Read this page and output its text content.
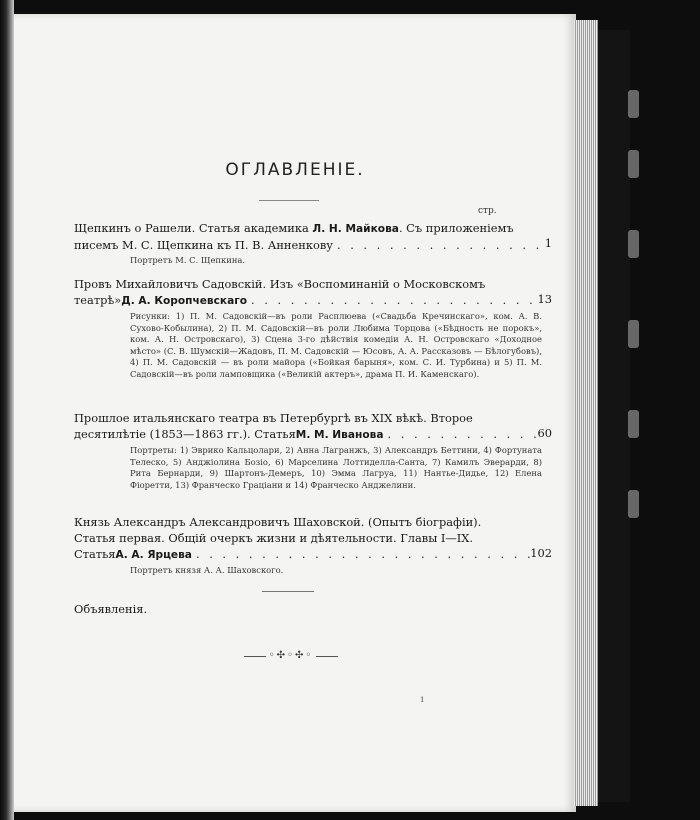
ОГЛАВЛЕНІЕ.
стр.
Щепкинъ о Рашели. Статья академика Л. Н. Майкова. Съ приложеніемъ
писемъ М. С. Щепкина къ П. В. Анненкову . . .	1
Портретъ М. С. Щепкина.
Провъ Михайловичъ Садовскій. Изъ «Воспоминаній о Московскомъ
театрѣ» Д. А. Коропчевскаго . . .	13
Рисунки: 1) П. М. Садовскій—въ роли Расплюева («Свадьба Кречинскаго», ком. А. В. Сухово-Кобылина), 2) П. М. Садовскій—въ роли Любима Торцова («Бѣдность не порокъ», ком. А. Н. Островскаго), 3) Сцена 3-го дѣйствія комедіи А. Н. Островскаго «Доходное мѣсто» (С. В. Шумскій—Жадовъ, П. М. Садовскій — Юсовъ, А. А. Рассказовъ — Бѣлогубовъ), 4) П. М. Садовскій — въ роли майора («Бойкая барыня», ком. С. И. Турбина) и 5) П. М. Садовскій—въ роли ламповщика («Великій актеръ», драма П. И. Каменскаго).
Прошлое итальянскаго театра въ Петербургѣ въ XIX вѣкѣ. Второе
десятилѣтіе (1853—1863 гг.). Статья М. М. Иванова . . .	60
Портреты: 1) Эврико Кальцолари, 2) Анна Лагранжъ, 3) Александръ Беттини, 4) Фортуната Телеско, 5) Анджіолина Бозіо, 6) Марселина Лоттиделла-Санта, 7) Камилъ Эверарди, 8) Рита Бернарди, 9) Шартонъ-Демеръ, 10) Эмма Лагруа, 11) Нантье-Дидье, 12) Елена Фіоретти, 13) Франческо Граціани и 14) Франческо Анджелини.
Князь Александръ Александровичъ Шаховской. (Опытъ біографіи).
Статья первая. Общій очеркъ жизни и дѣятельности. Главы I—IX.
Статья А. А. Ярцева . . .	102
Портретъ князя А. А. Шаховского.
Объявленія.
◦✣◦✣◦
1
